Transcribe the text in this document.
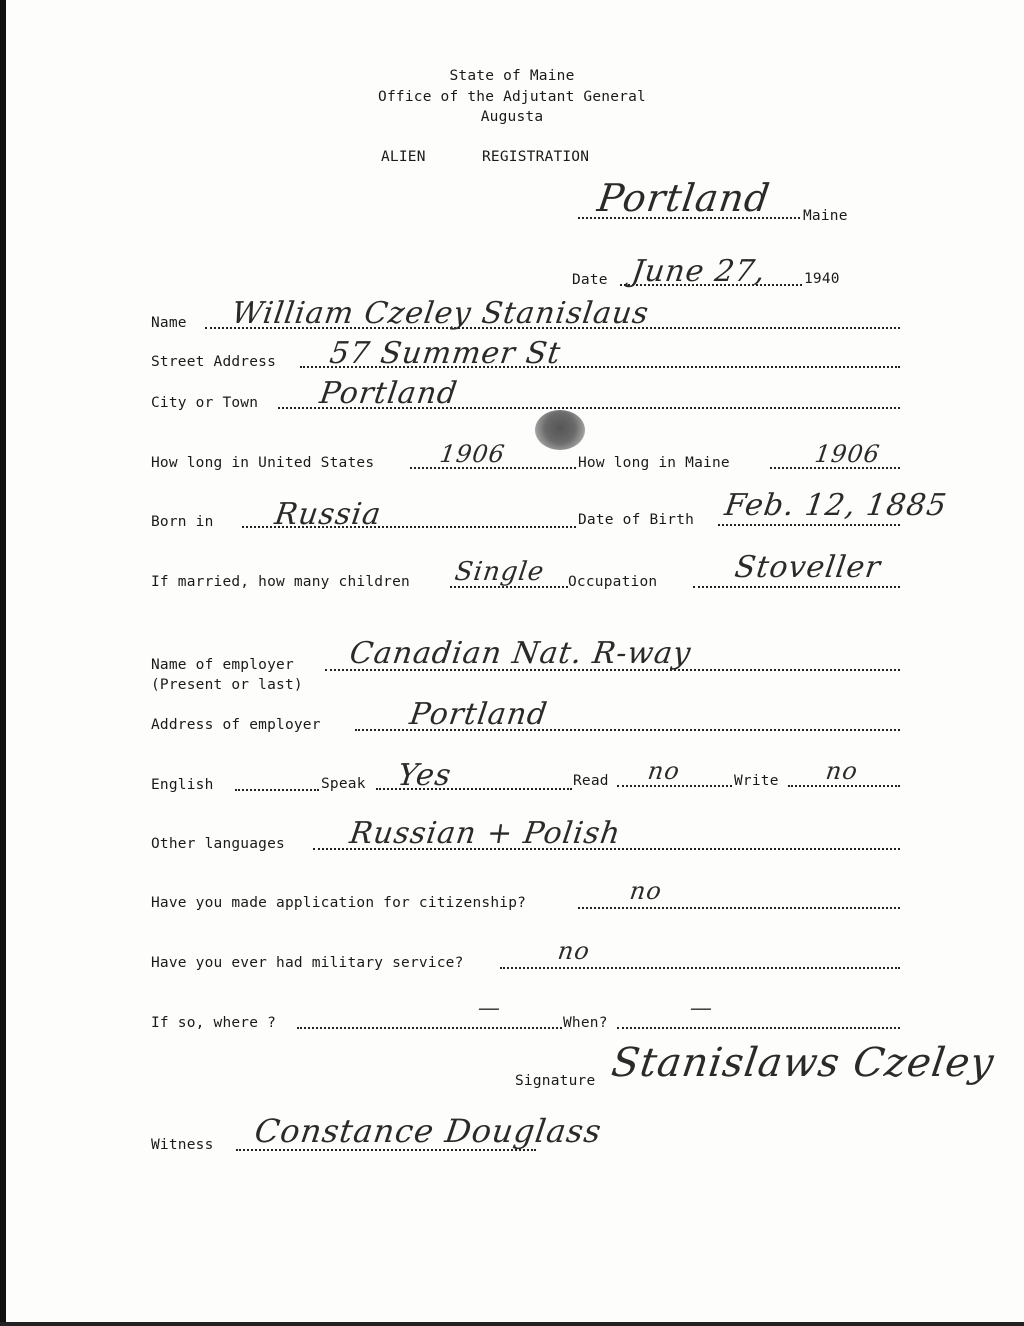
State of Maine
Office of the Adjutant General
Augusta
ALIEN	REGISTRATION
Portland Maine
Date June 27, 1940
Name William Czeley Stanislaus
Street Address 57 Summer St
City or Town Portland
How long in United States	1906	How long in Maine	1906
Born in Russia	Date of Birth Feb. 12, 1885
If married, how many children Single Occupation	Stoveller
Name of employer
(Present or last)
Canadian Nat. R-way
Address of employer	Portland
English	Speak Yes	Read no	Write no
Other languages Russian + Polish
Have you made application for citizenship?	no
Have you ever had military service?	no
If so, where ?
—
When?
—
Signature Stanislaws Czeley
Witness Constance Douglass
